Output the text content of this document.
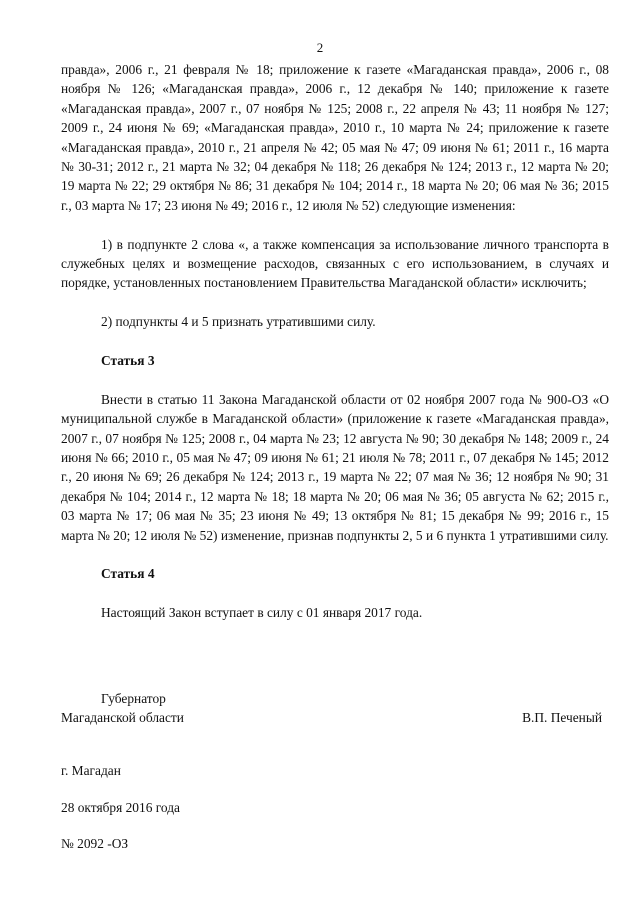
2

правда», 2006 г., 21 февраля № 18; приложение к газете «Магаданская правда», 2006 г., 08 ноября № 126; «Магаданская правда», 2006 г., 12 декабря № 140; приложение к газете «Магаданская правда», 2007 г., 07 ноября № 125; 2008 г., 22 апреля № 43; 11 ноября № 127; 2009 г., 24 июня № 69; «Магаданская правда», 2010 г., 10 марта № 24; приложение к газете «Магаданская правда», 2010 г., 21 апреля № 42; 05 мая № 47; 09 июня № 61; 2011 г., 16 марта № 30-31; 2012 г., 21 марта № 32; 04 декабря № 118; 26 декабря № 124; 2013 г., 12 марта № 20; 19 марта № 22; 29 октября № 86; 31 декабря № 104; 2014 г., 18 марта № 20; 06 мая № 36; 2015 г., 03 марта № 17; 23 июня № 49; 2016 г., 12 июля № 52) следующие изменения:

1) в подпункте 2 слова «, а также компенсация за использование личного транспорта в служебных целях и возмещение расходов, связанных с его использованием, в случаях и порядке, установленных постановлением Правительства Магаданской области» исключить;

2) подпункты 4 и 5 признать утратившими силу.

Статья 3

Внести в статью 11 Закона Магаданской области от 02 ноября 2007 года № 900-ОЗ «О муниципальной службе в Магаданской области» (приложение к газете «Магаданская правда», 2007 г., 07 ноября № 125; 2008 г., 04 марта № 23; 12 августа № 90; 30 декабря № 148; 2009 г., 24 июня № 66; 2010 г., 05 мая № 47; 09 июня № 61; 21 июля № 78; 2011 г., 07 декабря № 145; 2012 г., 20 июня № 69; 26 декабря № 124; 2013 г., 19 марта № 22; 07 мая № 36; 12 ноября № 90; 31 декабря № 104; 2014 г., 12 марта № 18; 18 марта № 20; 06 мая № 36; 05 августа № 62; 2015 г., 03 марта № 17; 06 мая № 35; 23 июня № 49; 13 октября № 81; 15 декабря № 99; 2016 г., 15 марта № 20; 12 июля № 52) изменение, признав подпункты 2, 5 и 6 пункта 1 утратившими силу.

Статья 4

Настоящий Закон вступает в силу с 01 января 2017 года.

Губернатор
Магаданской области	В.П. Печеный
г. Магадан
28 октября 2016 года
№ 2092 -ОЗ
